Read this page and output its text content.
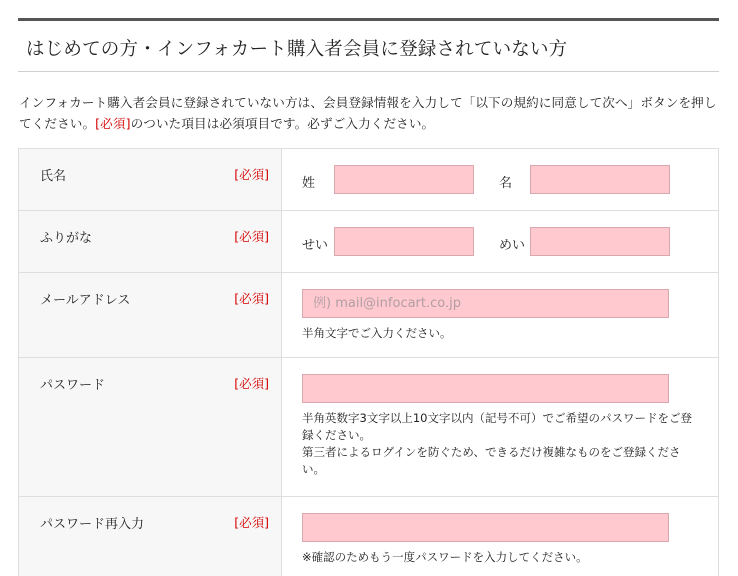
はじめての方・インフォカート購入者会員に登録されていない方

インフォカート購入者会員に登録されていない方は、会員登録情報を入力して「以下の規約に同意して次へ」ボタンを押してください。[必須]のついた項目は必須項目です。必ずご入力ください。

氏名	[必須]
姓	名
ふりがな	[必須]
せい	めい
メールアドレス	[必須]
例) mail@infocart.co.jp
半角文字でご入力ください。
パスワード	[必須]
半角英数字3文字以上10文字以内（記号不可）でご希望のパスワードをご登録ください。
第三者によるログインを防ぐため、できるだけ複雑なものをご登録ください。
パスワード再入力	[必須]
※確認のためもう一度パスワードを入力してください。
